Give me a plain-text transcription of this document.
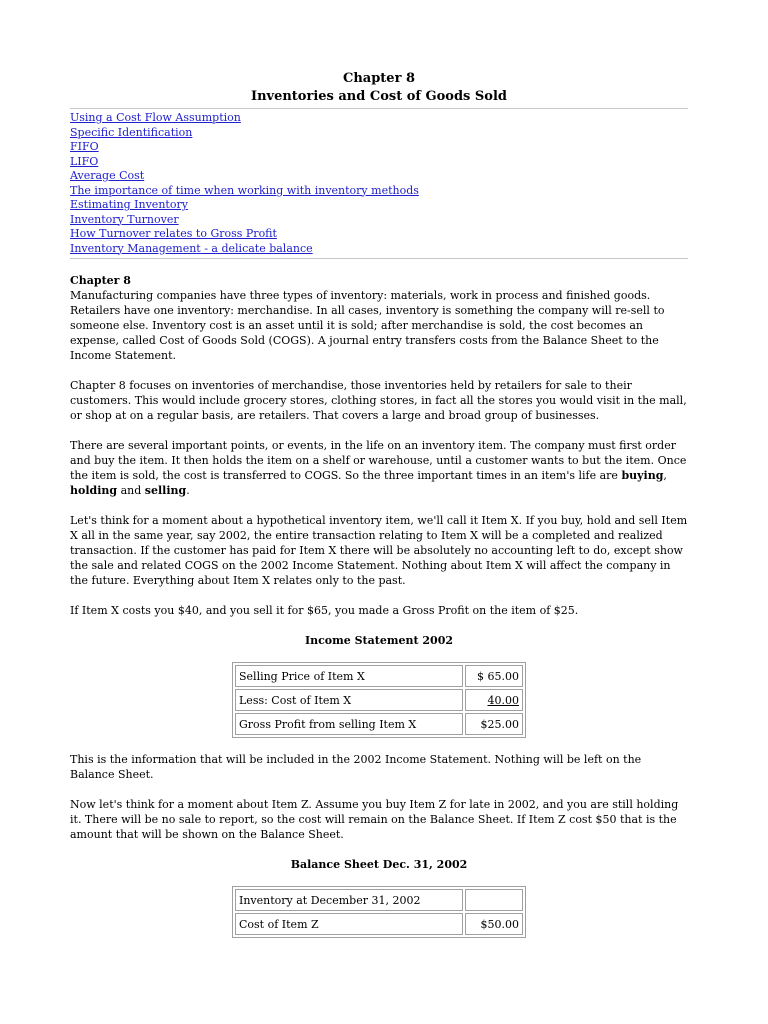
Chapter 8
Inventories and Cost of Goods Sold
Using a Cost Flow Assumption
Specific Identification
FIFO
LIFO
Average Cost
The importance of time when working with inventory methods
Estimating Inventory
Inventory Turnover
How Turnover relates to Gross Profit
Inventory Management - a delicate balance
Chapter 8

Manufacturing companies have three types of inventory: materials, work in process and finished goods. Retailers have one inventory: merchandise. In all cases, inventory is something the company will re-sell to someone else. Inventory cost is an asset until it is sold; after merchandise is sold, the cost becomes an expense, called Cost of Goods Sold (COGS). A journal entry transfers costs from the Balance Sheet to the Income Statement.

Chapter 8 focuses on inventories of merchandise, those inventories held by retailers for sale to their customers. This would include grocery stores, clothing stores, in fact all the stores you would visit in the mall, or shop at on a regular basis, are retailers. That covers a large and broad group of businesses.

There are several important points, or events, in the life on an inventory item. The company must first order and buy the item. It then holds the item on a shelf or warehouse, until a customer wants to but the item. Once the item is sold, the cost is transferred to COGS. So the three important times in an item's life are buying, holding and selling.

Let's think for a moment about a hypothetical inventory item, we'll call it Item X. If you buy, hold and sell Item X all in the same year, say 2002, the entire transaction relating to Item X will be a completed and realized transaction. If the customer has paid for Item X there will be absolutely no accounting left to do, except show the sale and related COGS on the 2002 Income Statement. Nothing about Item X will affect the company in the future. Everything about Item X relates only to the past.

If Item X costs you $40, and you sell it for $65, you made a Gross Profit on the item of $25.

Income Statement 2002
Selling Price of Item X	$ 65.00
Less: Cost of Item X	40.00
Gross Profit from selling Item X	$25.00

This is the information that will be included in the 2002 Income Statement. Nothing will be left on the Balance Sheet.

Now let's think for a moment about Item Z. Assume you buy Item Z for late in 2002, and you are still holding it. There will be no sale to report, so the cost will remain on the Balance Sheet. If Item Z cost $50 that is the amount that will be shown on the Balance Sheet.

Balance Sheet Dec. 31, 2002
Inventory at December 31, 2002	
Cost of Item Z	$50.00
